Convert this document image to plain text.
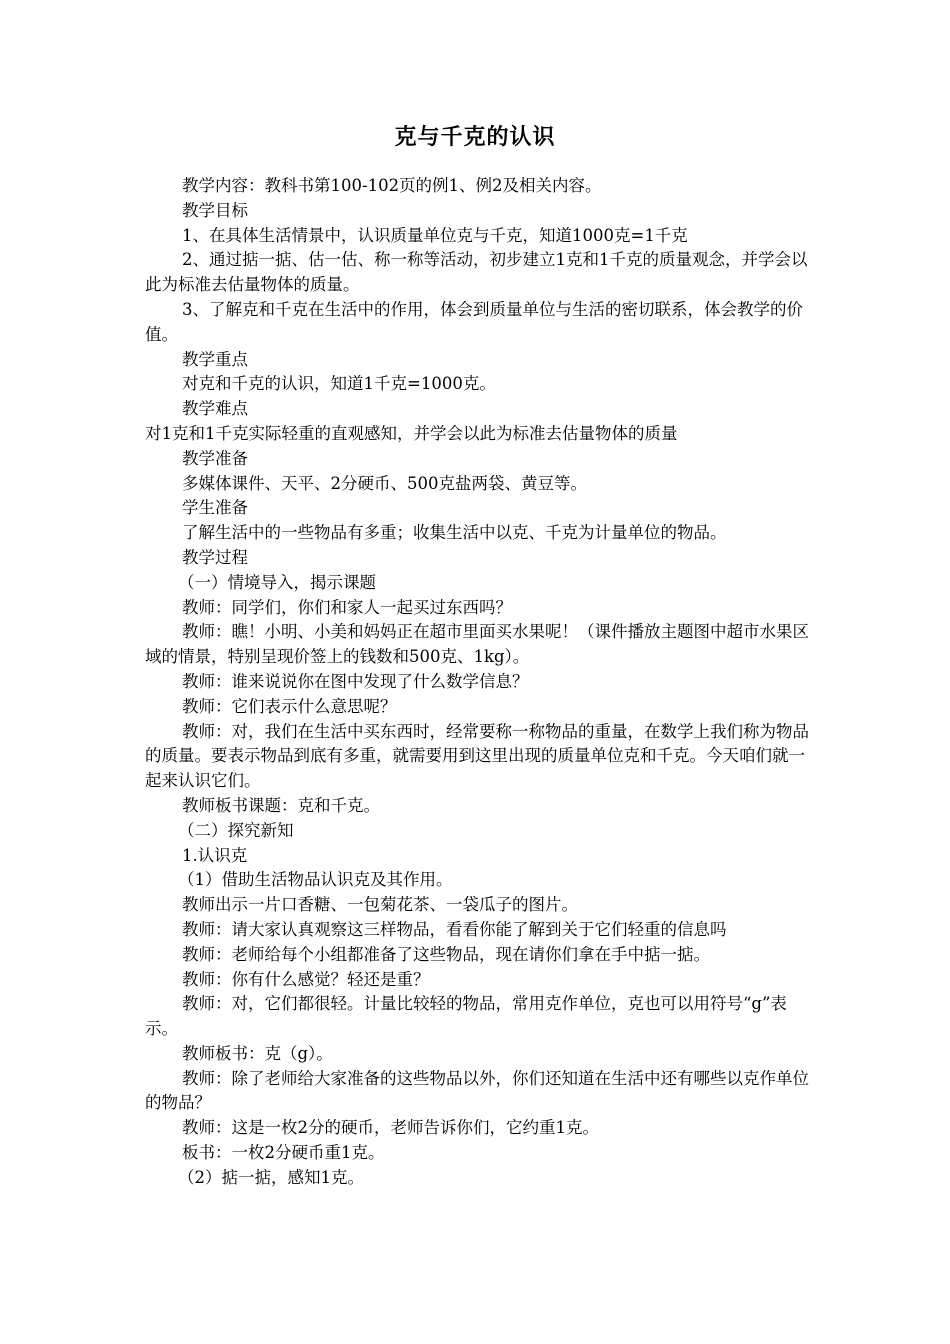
克与千克的认识

教学内容：教科书第100-102页的例1、例2及相关内容。

教学目标

1、在具体生活情景中，认识质量单位克与千克，知道1000克=1千克

2、通过掂一掂、估一估、称一称等活动，初步建立1克和1千克的质量观念，并学会以此为标准去估量物体的质量。

3、了解克和千克在生活中的作用，体会到质量单位与生活的密切联系，体会教学的价值。

教学重点

对克和千克的认识，知道1千克=1000克。

教学难点

对1克和1千克实际轻重的直观感知，并学会以此为标准去估量物体的质量

教学准备

多媒体课件、天平、2分硬币、500克盐两袋、黄豆等。

学生准备

了解生活中的一些物品有多重；收集生活中以克、千克为计量单位的物品。

教学过程

（一）情境导入，揭示课题

教师：同学们，你们和家人一起买过东西吗？

教师：瞧！小明、小美和妈妈正在超市里面买水果呢！（课件播放主题图中超市水果区域的情景，特别呈现价签上的钱数和500克、1kg）。

教师：谁来说说你在图中发现了什么数学信息？

教师：它们表示什么意思呢？

教师：对，我们在生活中买东西时，经常要称一称物品的重量，在数学上我们称为物品的质量。要表示物品到底有多重，就需要用到这里出现的质量单位克和千克。今天咱们就一起来认识它们。

教师板书课题：克和千克。

（二）探究新知

1.认识克

（1）借助生活物品认识克及其作用。

教师出示一片口香糖、一包菊花茶、一袋瓜子的图片。

教师：请大家认真观察这三样物品，看看你能了解到关于它们轻重的信息吗

教师：老师给每个小组都准备了这些物品，现在请你们拿在手中掂一掂。

教师：你有什么感觉？轻还是重？

教师：对，它们都很轻。计量比较轻的物品，常用克作单位，克也可以用符号“g”表示。

教师板书：克（g）。

教师：除了老师给大家准备的这些物品以外，你们还知道在生活中还有哪些以克作单位的物品？

教师：这是一枚2分的硬币，老师告诉你们，它约重1克。

板书：一枚2分硬币重1克。

（2）掂一掂，感知1克。
